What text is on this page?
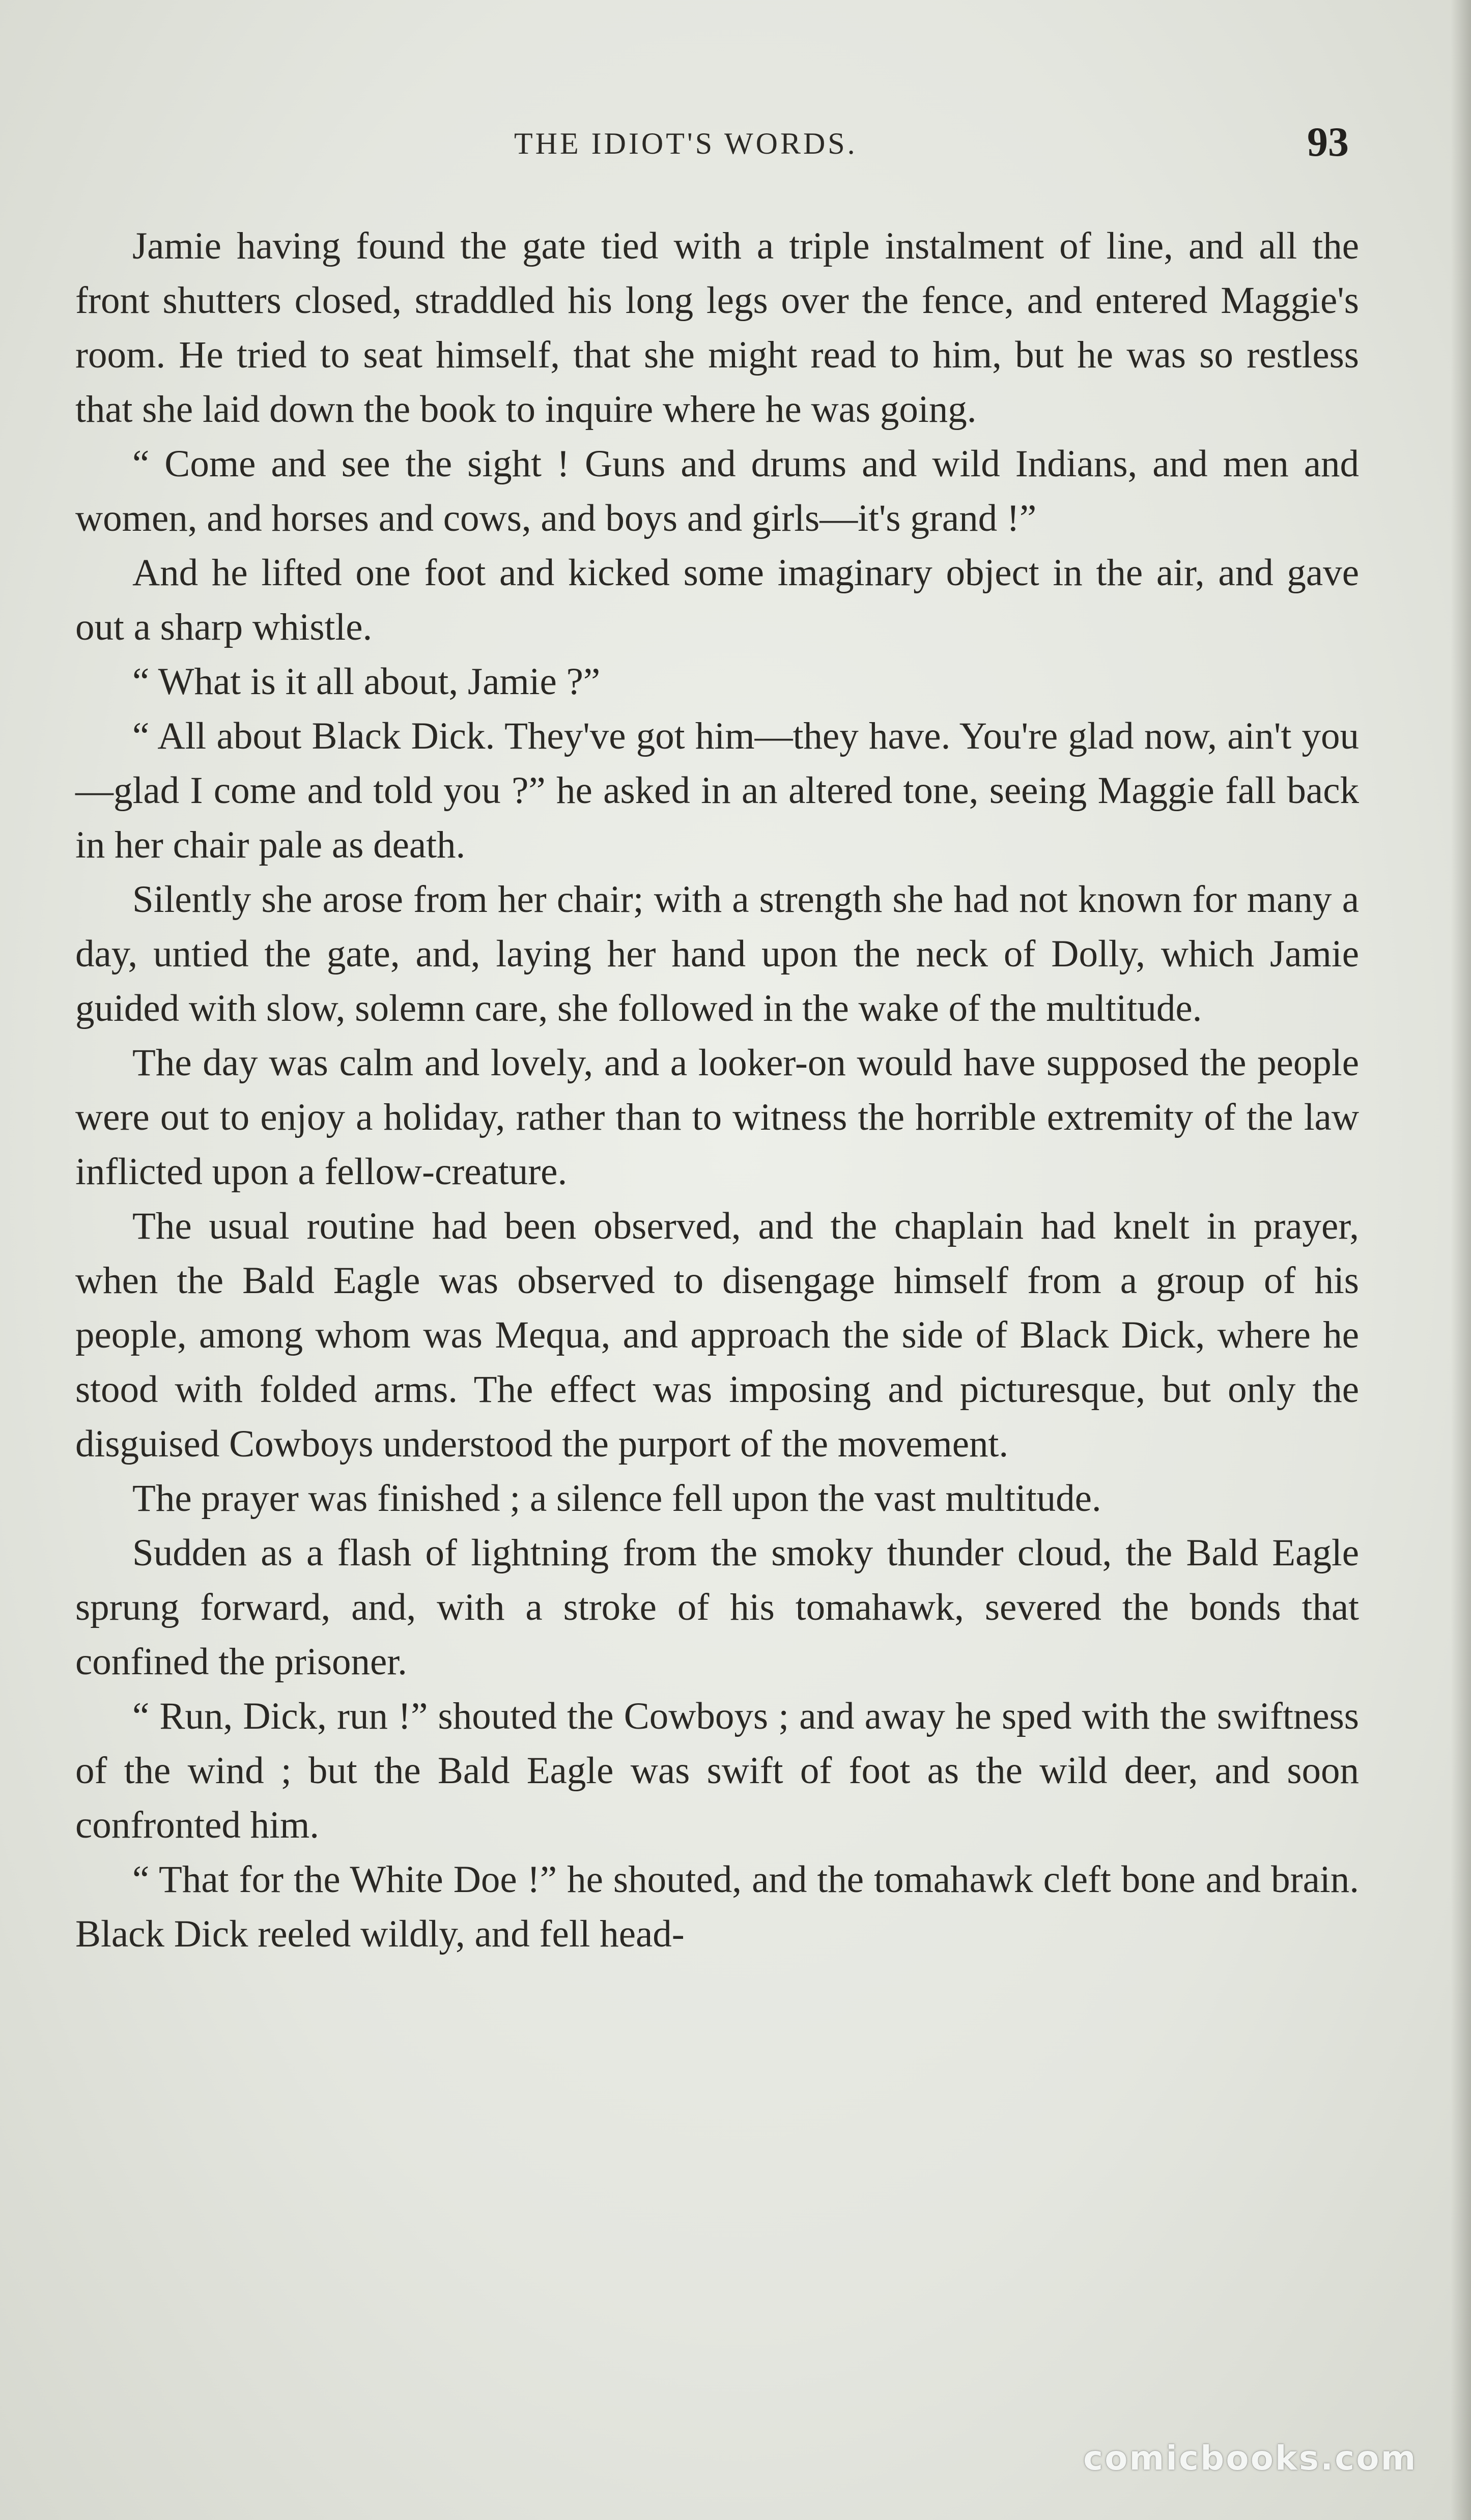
THE IDIOT'S WORDS.	93

Jamie having found the gate tied with a triple instalment of line, and all the front shutters closed, straddled his long legs over the fence, and entered Maggie's room. He tried to seat himself, that she might read to him, but he was so restless that she laid down the book to inquire where he was going.

“ Come and see the sight ! Guns and drums and wild Indians, and men and women, and horses and cows, and boys and girls—it's grand !”

And he lifted one foot and kicked some imaginary object in the air, and gave out a sharp whistle.

“ What is it all about, Jamie ?”

“ All about Black Dick. They've got him—they have. You're glad now, ain't you—glad I come and told you ?” he asked in an altered tone, seeing Maggie fall back in her chair pale as death.

Silently she arose from her chair; with a strength she had not known for many a day, untied the gate, and, laying her hand upon the neck of Dolly, which Jamie guided with slow, solemn care, she followed in the wake of the multitude.

The day was calm and lovely, and a looker-on would have supposed the people were out to enjoy a holiday, rather than to witness the horrible extremity of the law inflicted upon a fellow-creature.

The usual routine had been observed, and the chaplain had knelt in prayer, when the Bald Eagle was observed to disengage himself from a group of his people, among whom was Mequa, and approach the side of Black Dick, where he stood with folded arms. The effect was imposing and picturesque, but only the disguised Cowboys understood the purport of the movement.

The prayer was finished ; a silence fell upon the vast multitude.

Sudden as a flash of lightning from the smoky thunder cloud, the Bald Eagle sprung forward, and, with a stroke of his tomahawk, severed the bonds that confined the prisoner.

“ Run, Dick, run !” shouted the Cowboys ; and away he sped with the swiftness of the wind ; but the Bald Eagle was swift of foot as the wild deer, and soon confronted him.

“ That for the White Doe !” he shouted, and the tomahawk cleft bone and brain. Black Dick reeled wildly, and fell head-

comicbooks.com
